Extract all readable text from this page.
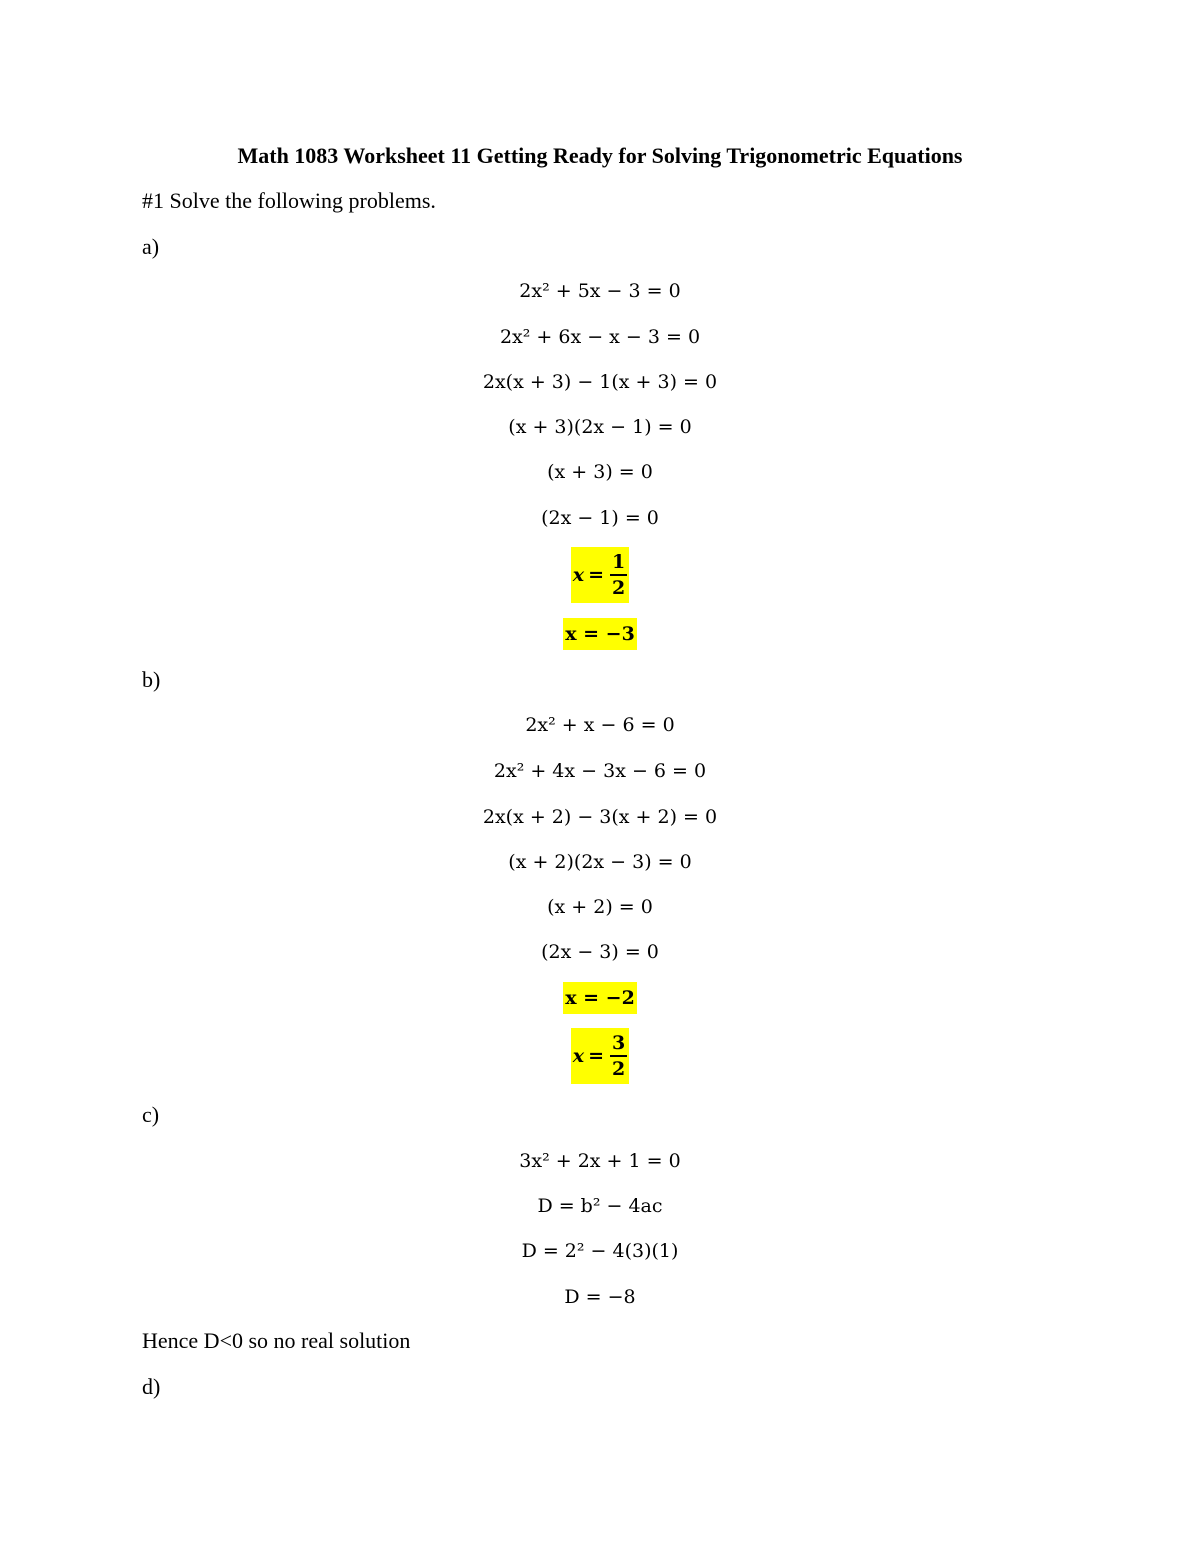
Math 1083 Worksheet 11 Getting Ready for Solving Trigonometric Equations
#1 Solve the following problems.
a)
2x² + 5x − 3 = 0
2x² + 6x − x − 3 = 0
2x(x + 3) − 1(x + 3) = 0
(x + 3)(2x − 1) = 0
(x + 3) = 0
(2x − 1) = 0
$x = \frac{1}{2}$
x = −3
b)
2x² + x − 6 = 0
2x² + 4x − 3x − 6 = 0
2x(x + 2) − 3(x + 2) = 0
(x + 2)(2x − 3) = 0
(x + 2) = 0
(2x − 3) = 0
x = −2
$x = \frac{3}{2}$
c)
3x² + 2x + 1 = 0
D = b² − 4ac
D = 2² − 4(3)(1)
D = −8
Hence D<0 so no real solution
d)
